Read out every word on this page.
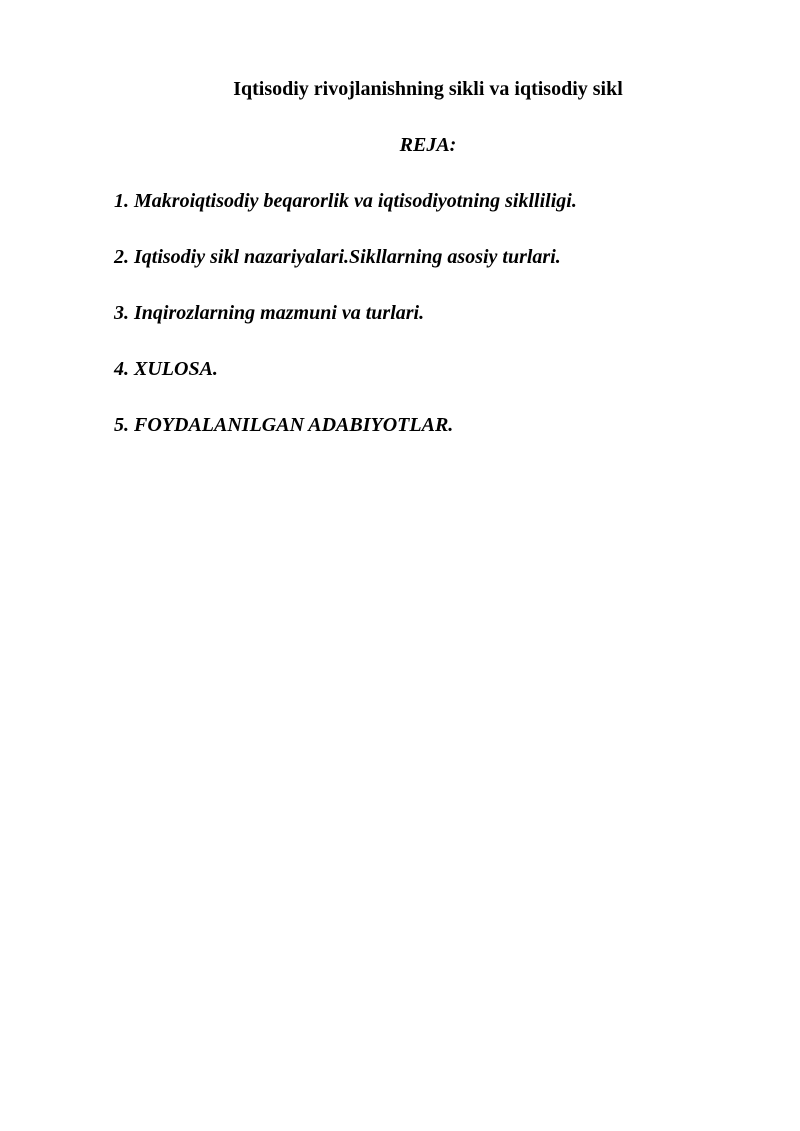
Iqtisodiy rivojlanishning sikli va iqtisodiy sikl
REJA:
1. Makroiqtisodiy beqarorlik va iqtisodiyotning siklliligi.
2. Iqtisodiy sikl nazariyalari.Sikllarning asosiy turlari.
3. Inqirozlarning mazmuni va turlari.
4. XULOSA.
5. FOYDALANILGAN ADABIYOTLAR.
